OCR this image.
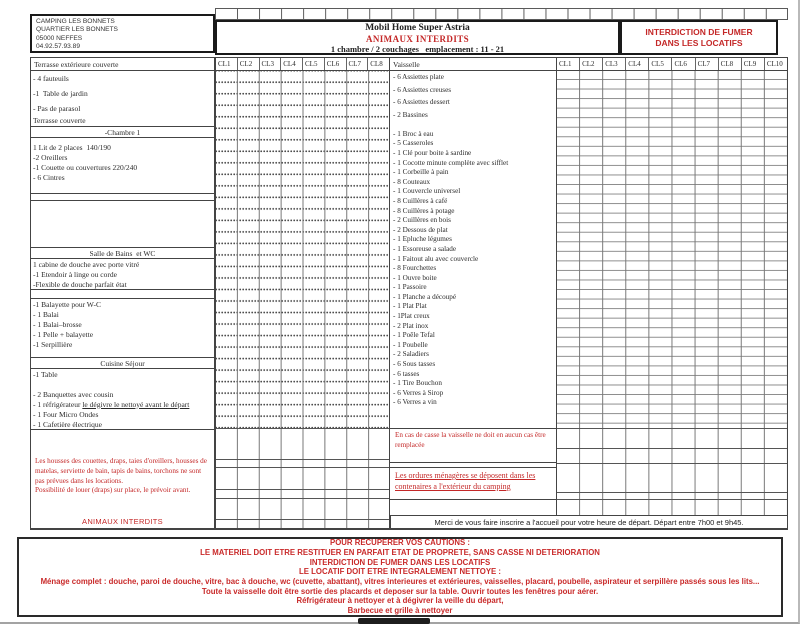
CAMPING LES BONNETS
QUARTIER LES BONNETS
05000 NEFFES
04.92.57.93.89
Mobil Home Super Astria
ANIMAUX INTERDITS
1 chambre / 2 couchages   emplacement : 11 - 21
INTERDICTION DE FUMER
DANS LES LOCATIFS
Terrasse extérieure couverte
- 4 fauteuils
-1  Table de jardin
- Pas de parasol
Terrasse couverte
-Chambre 1
1 Lit de 2 places  140/190
-2 Oreillers
-1 Couette ou couvertures 220/240
- 6 Cintres
Salle de Bains  et WC
1 cabine de douche avec porte vitré
-1 Etendoir à linge ou corde
-Flexible de douche parfait état
-1 Balayette pour W-C
- 1 Balai
- 1 Balai–brosse
- 1 Pelle + balayette
-1 Serpillière
Cuisine Séjour
-1 Table
- 2 Banquettes avec cousin
- 1 réfrigérateur le dégivre le nettoyé avant le départ
- 1 Four Micro Ondes
- 1 Cafetière électrique
Les housses des couettes, draps, taies d'oreillers, housses de matelas, serviette de bain, tapis de bains, torchons ne sont pas prévues dans les locations.
Possibilité de louer (draps) sur place, le prévoir avant.
ANIMAUX INTERDITS
CL1	CL2	CL3	CL4	CL5	CL6	CL7	CL8	Vaisselle
- 6 Assiettes plate
- 6 Assiettes creuses
- 6 Assiettes dessert
- 2 Bassines
- 1 Broc à eau
- 5 Casseroles
- 1 Clé pour boite à sardine
- 1 Cocotte minute complète avec sifflet
- 1 Corbeille à pain
- 8 Couteaux
- 1 Couvercle universel
- 8 Cuillères à café
- 8 Cuillères à potage
- 2 Cuillères en bois
- 2 Dessous de plat
- 1 Epluche légumes
- 1 Essoreuse a salade
- 1 Faitout alu avec couvercle
- 8 Fourchettes
- 1 Ouvre boite
- 1 Passoire
- 1 Planche a découpé
- 1 Plat Plat
- 1Plat creux
- 2 Plat inox
- 1 Poêle Tefal
- 1 Poubelle
- 2 Saladiers
- 6 Sous tasses
- 6 tasses
- 1 Tire Bouchon
- 6 Verres à Sirop
- 6 Verres a vin
En cas de casse la vaisselle ne doit en aucun cas être remplacée
Les ordures ménagères se déposent dans les contenaires a l'extérieur du camping
CL1	CL2	CL3	CL4	CL5	CL6	CL7	CL8	CL9	CL10
Merci de vous faire inscrire a l'accueil pour votre heure de départ. Départ entre 7h00 et 9h45.
POUR RECUPERER VOS CAUTIONS :
LE MATERIEL DOIT ETRE RESTITUER EN PARFAIT ETAT DE PROPRETE, SANS CASSE NI DETERIORATION
INTERDICTION DE FUMER DANS LES LOCATIFS
LE LOCATIF DOIT ETRE INTEGRALEMENT NETTOYE :
Ménage complet : douche, paroi de douche, vitre, bac à douche, wc (cuvette, abattant), vitres interieures et extérieures, vaisselles, placard, poubelle, aspirateur et serpillère passés sous les lits...
Toute la vaisselle doit être sortie des placards et deposer sur la table. Ouvrir toutes les fenêtres pour aérer.
Réfrigérateur à nettoyer et à dégivrer la veille du départ,
Barbecue et grille à nettoyer
